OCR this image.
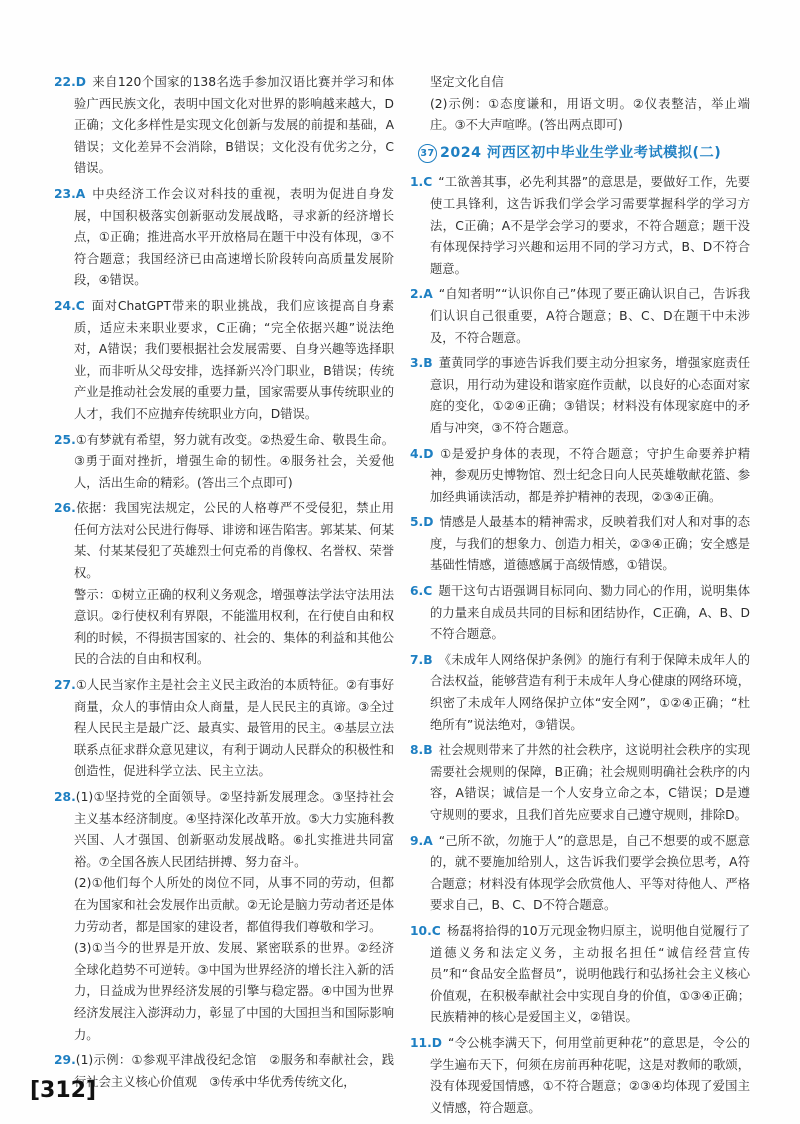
22.D 来自120个国家的138名选手参加汉语比赛并学习和体验广西民族文化，表明中国文化对世界的影响越来越大，D正确；文化多样性是实现文化创新与发展的前提和基础，A错误；文化差异不会消除，B错误；文化没有优劣之分，C错误。
23.A 中央经济工作会议对科技的重视，表明为促进自身发展，中国积极落实创新驱动发展战略，寻求新的经济增长点，①正确；推进高水平开放格局在题干中没有体现，③不符合题意；我国经济已由高速增长阶段转向高质量发展阶段，④错误。
24.C 面对ChatGPT带来的职业挑战，我们应该提高自身素质，适应未来职业要求，C正确；“完全依据兴趣”说法绝对，A错误；我们要根据社会发展需要、自身兴趣等选择职业，而非听从父母安排，选择新兴冷门职业，B错误；传统产业是推动社会发展的重要力量，国家需要从事传统职业的人才，我们不应抛弃传统职业方向，D错误。
25.①有梦就有希望，努力就有改变。②热爱生命、敬畏生命。③勇于面对挫折，增强生命的韧性。④服务社会，关爱他人，活出生命的精彩。(答出三个点即可)
26.依据：我国宪法规定，公民的人格尊严不受侵犯，禁止用任何方法对公民进行侮辱、诽谤和诬告陷害。郭某某、何某某、付某某侵犯了英雄烈士何克希的肖像权、名誉权、荣誉权。
警示：①树立正确的权利义务观念，增强尊法学法守法用法意识。②行使权利有界限，不能滥用权利，在行使自由和权利的时候，不得损害国家的、社会的、集体的利益和其他公民的合法的自由和权利。
27.①人民当家作主是社会主义民主政治的本质特征。②有事好商量，众人的事情由众人商量，是人民民主的真谛。③全过程人民民主是最广泛、最真实、最管用的民主。④基层立法联系点征求群众意见建议，有利于调动人民群众的积极性和创造性，促进科学立法、民主立法。
28.(1)①坚持党的全面领导。②坚持新发展理念。③坚持社会主义基本经济制度。④坚持深化改革开放。⑤大力实施科教兴国、人才强国、创新驱动发展战略。⑥扎实推进共同富裕。⑦全国各族人民团结拼搏、努力奋斗。
(2)①他们每个人所处的岗位不同，从事不同的劳动，但都在为国家和社会发展作出贡献。②无论是脑力劳动者还是体力劳动者，都是国家的建设者，都值得我们尊敬和学习。
(3)①当今的世界是开放、发展、紧密联系的世界。②经济全球化趋势不可逆转。③中国为世界经济的增长注入新的活力，日益成为世界经济发展的引擎与稳定器。④中国为世界经济发展注入澎湃动力，彰显了中国的大国担当和国际影响力。
29.(1)示例：①参观平津战役纪念馆　②服务和奉献社会，践行社会主义核心价值观　③传承中华优秀传统文化，

坚定文化自信

(2)示例：①态度谦和，用语文明。②仪表整洁，举止端庄。③不大声喧哗。(答出两点即可)

37 2024 河西区初中毕业生学业考试模拟(二)
1.C “工欲善其事，必先利其器”的意思是，要做好工作，先要使工具锋利，这告诉我们学会学习需要掌握科学的学习方法，C正确；A不是学会学习的要求，不符合题意；题干没有体现保持学习兴趣和运用不同的学习方式，B、D不符合题意。
2.A “自知者明”“认识你自己”体现了要正确认识自己，告诉我们认识自己很重要，A符合题意；B、C、D在题干中未涉及，不符合题意。
3.B 董黄同学的事迹告诉我们要主动分担家务，增强家庭责任意识，用行动为建设和谐家庭作贡献，以良好的心态面对家庭的变化，①②④正确；③错误；材料没有体现家庭中的矛盾与冲突，③不符合题意。
4.D ①是爱护身体的表现，不符合题意；守护生命要养护精神，参观历史博物馆、烈士纪念日向人民英雄敬献花篮、参加经典诵读活动，都是养护精神的表现，②③④正确。
5.D 情感是人最基本的精神需求，反映着我们对人和对事的态度，与我们的想象力、创造力相关，②③④正确；安全感是基础性情感，道德感属于高级情感，①错误。
6.C 题干这句古语强调目标同向、勠力同心的作用，说明集体的力量来自成员共同的目标和团结协作，C正确，A、B、D不符合题意。
7.B 《未成年人网络保护条例》的施行有利于保障未成年人的合法权益，能够营造有利于未成年人身心健康的网络环境，织密了未成年人网络保护立体“安全网”，①②④正确；“杜绝所有”说法绝对，③错误。
8.B 社会规则带来了井然的社会秩序，这说明社会秩序的实现需要社会规则的保障，B正确；社会规则明确社会秩序的内容，A错误；诚信是一个人安身立命之本，C错误；D是遵守规则的要求，且我们首先应要求自己遵守规则，排除D。
9.A “己所不欲，勿施于人”的意思是，自己不想要的或不愿意的，就不要施加给别人，这告诉我们要学会换位思考，A符合题意；材料没有体现学会欣赏他人、平等对待他人、严格要求自己，B、C、D不符合题意。
10.C 杨磊将拾得的10万元现金物归原主，说明他自觉履行了道德义务和法定义务，主动报名担任“诚信经营宣传员”和“食品安全监督员”，说明他践行和弘扬社会主义核心价值观，在积极奉献社会中实现自身的价值，①③④正确；民族精神的核心是爱国主义，②错误。
11.D “令公桃李满天下，何用堂前更种花”的意思是，令公的学生遍布天下，何须在房前再种花呢，这是对教师的歌颂，没有体现爱国情感，①不符合题意；②③④均体现了爱国主义情感，符合题意。
[312]
